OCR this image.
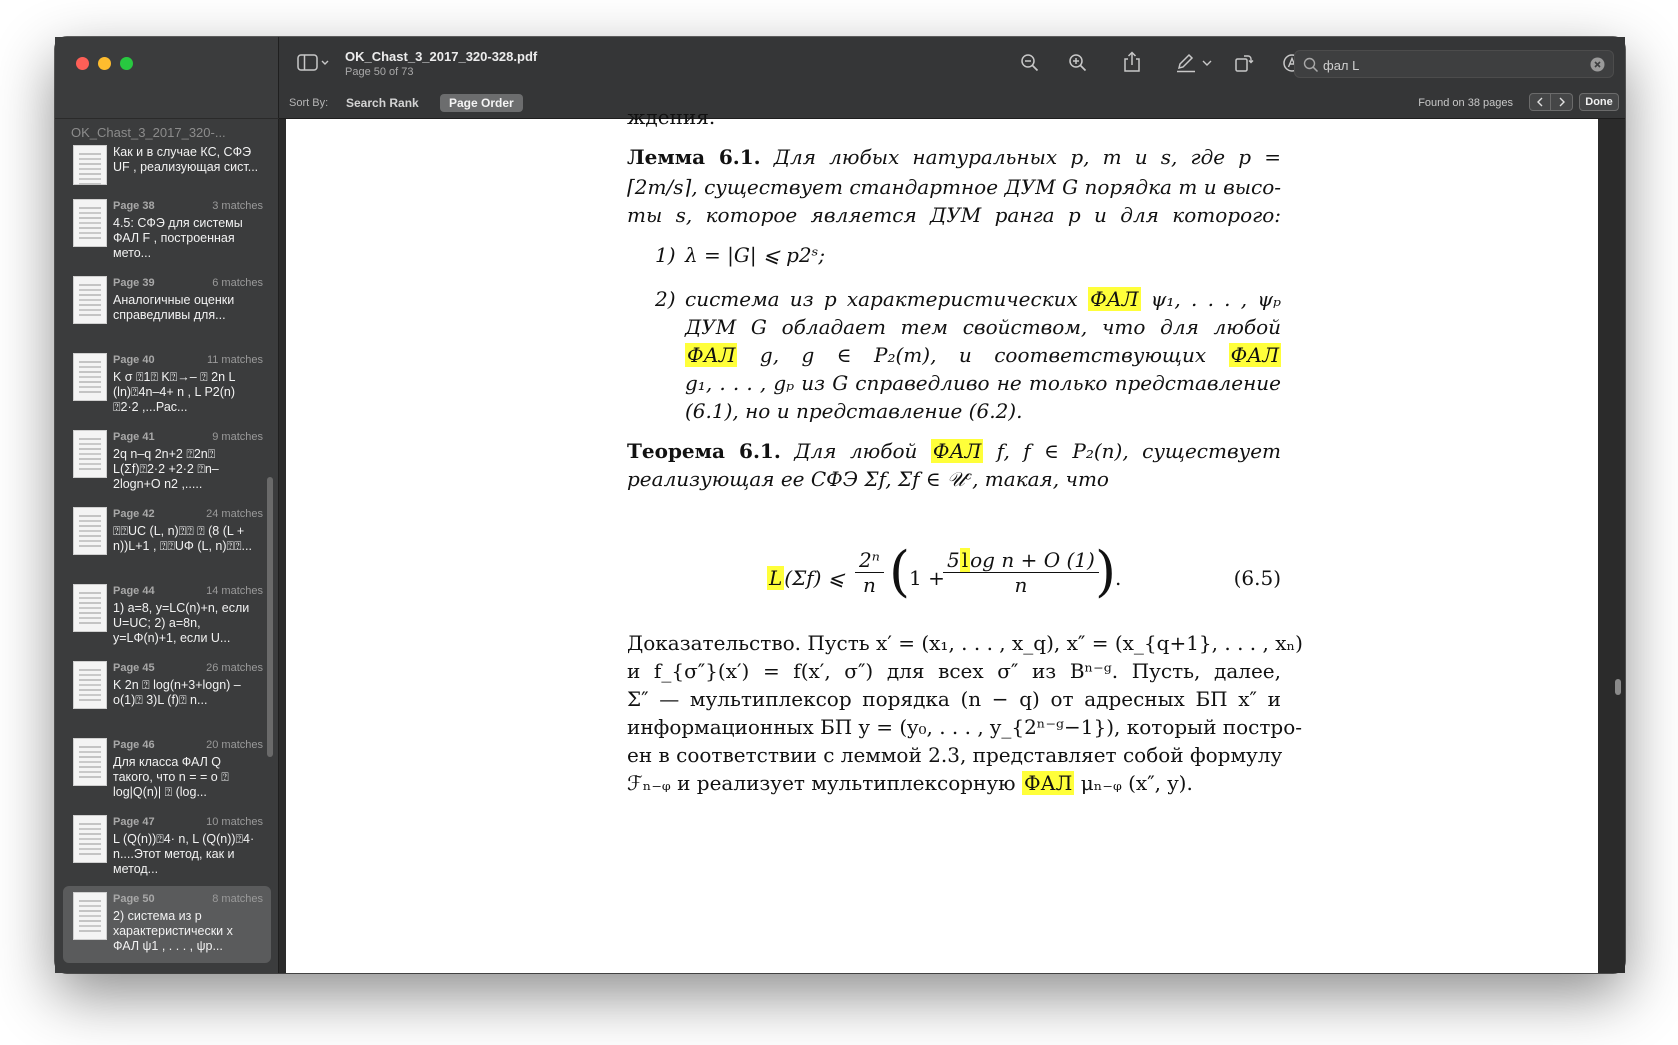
OK_Chast_3_2017_320-...
Как и в случае КС, СФЭ UF , реализующая сист...
Page 38	3 matches
4.5: СФЭ для системы ФАЛ F , построенная мето...
Page 39	6 matches
Аналогичные оценки справедливы для...
Page 40	11 matches
K σ ⍰1⍰ K⍰→– ⍰ 2n L (ln)⍰4n–4+ n , L P2(n) ⍰2·2 ,...Рас...
Page 41	9 matches
2q n–q 2n+2 ⍰2n⍰ L(Σf)⍰2·2 +2·2 ⍰n–2logn+O n2 ,.....
Page 42	24 matches
⍰⍰UC (L, n)⍰⍰ ⍰ (8 (L + n))L+1 , ⍰⍰UΦ (L, n)⍰⍰...
Page 44	14 matches
1) a=8, y=LC(n)+n, если U=UC; 2) a=8n, y=LΦ(n)+1, если U...
Page 45	26 matches
K 2n ⍰ log(n+3+logn) –o(1)⍰ 3)L (f)⍰ n...
Page 46	20 matches
Для класса ФАЛ Q такого, что n = = o ⍰ log|Q(n)| ⍰ (log...
Page 47	10 matches
L (Q(n))⍰4· n, L (Q(n))⍰4· n....Этот метод, как и метод...
Page 50	8 matches
2) система из p характеристически х ФАЛ ψ1 , . . . , ψp...
OK_Chast_3_2017_320-328.pdf
Page 50 of 73
фал L
Sort By:	Search Rank	Page Order	Found on 38 pages	Done
ждения.
Лемма 6.1. Для любых натуральных p, m и s, где p =
⌈2m/s⌉, существует стандартное ДУМ G порядка m и высо-
ты s, которое является ДУМ ранга p и для которого:
1) λ = |G| ⩽ p2ˢ;
2) система из p характеристических ФАЛ ψ₁, . . . , ψₚ
ДУМ G обладает тем свойством, что для любой
ФАЛ g, g ∈ P₂(m), и соответствующих ФАЛ
g₁, . . . , gₚ из G справедливо не только представление
(6.1), но и представление (6.2).
Теорема 6.1. Для любой ФАЛ f, f ∈ P₂(n), существует
реализующая ее СФЭ Σf, Σf ∈ 𝒰ᶜ, такая, что
L (Σf) ⩽ $\frac{\text{2ⁿ}}{n}$ (
1 +
$\frac{\text{5 l og n + O (1)}}{n}$
)
.	(6.5)
Доказательство. Пусть x′ = (x₁, . . . , x_q), x″ = (x_{q+1}, . . . , xₙ)
и f_{σ″}(x′) = f(x′, σ″) для всех σ″ из Bⁿ⁻ᵍ. Пусть, далее,
Σ″ — мультиплексор порядка (n − q) от адресных БП x″ и
информационных БП y = (y₀, . . . , y_{2ⁿ⁻ᵍ−1}), который постро-
ен в соответствии с леммой 2.3, представляет собой формулу
ℱₙ₋ᵩ и реализует мультиплексорную ФАЛ μₙ₋ᵩ (x″, y).
